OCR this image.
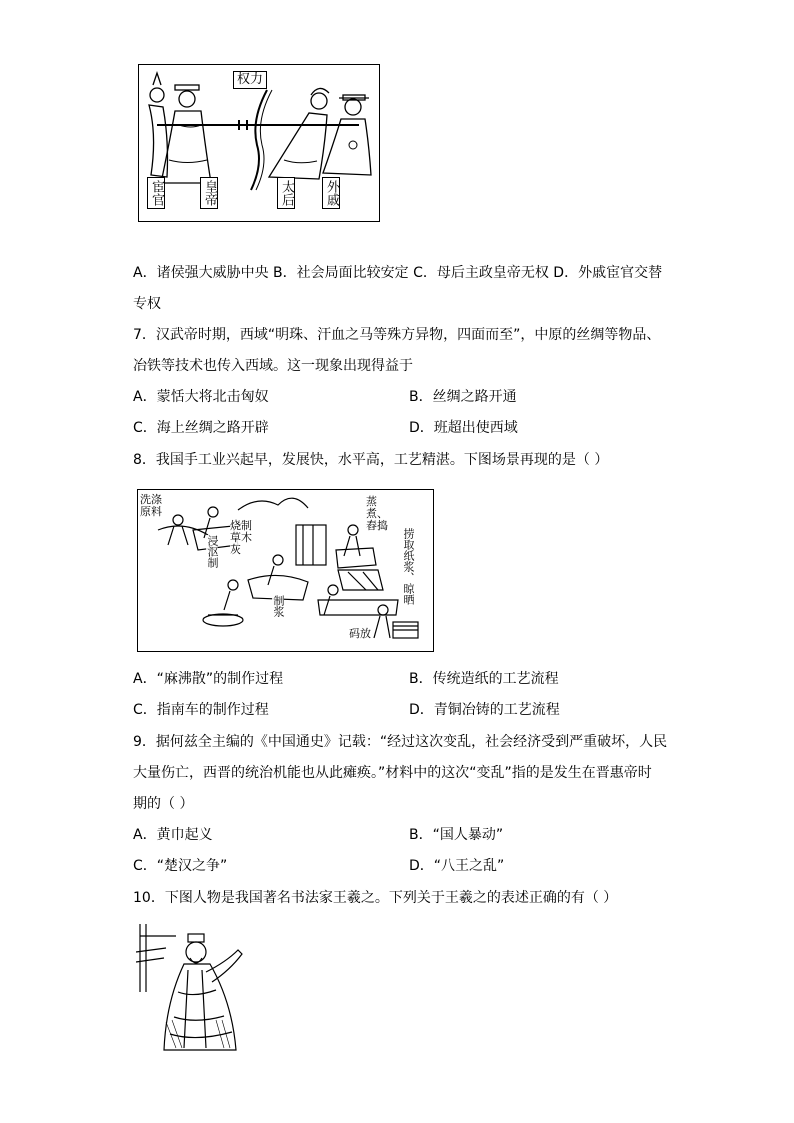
权力
宦官	皇帝	太后 外戚
A．诸侯强大威胁中央 B．社会局面比较安定 C．母后主政皇帝无权 D．外戚宦官交替
专权
7．汉武帝时期，西域“明珠、汗血之马等殊方异物，四面而至”，中原的丝绸等物品、
冶铁等技术也传入西域。这一现象出现得益于
A．蒙恬大将北击匈奴	B．丝绸之路开通
C．海上丝绸之路开辟	D．班超出使西域
8．我国手工业兴起早，发展快，水平高，工艺精湛。下图场景再现的是（ ）
洗涤原料
浸沤制
烧制草木灰
制浆
蒸煮、舂捣
捞取纸浆、晾晒
码放
A．“麻沸散”的制作过程	B．传统造纸的工艺流程
C．指南车的制作过程	D．青铜冶铸的工艺流程
9．据何兹全主编的《中国通史》记载：“经过这次变乱，社会经济受到严重破坏，人民
大量伤亡，西晋的统治机能也从此瘫痪。”材料中的这次“变乱”指的是发生在晋惠帝时
期的（ ）
A．黄巾起义	B．“国人暴动”
C．“楚汉之争”	D．“八王之乱”
10．下图人物是我国著名书法家王羲之。下列关于王羲之的表述正确的有（ ）
